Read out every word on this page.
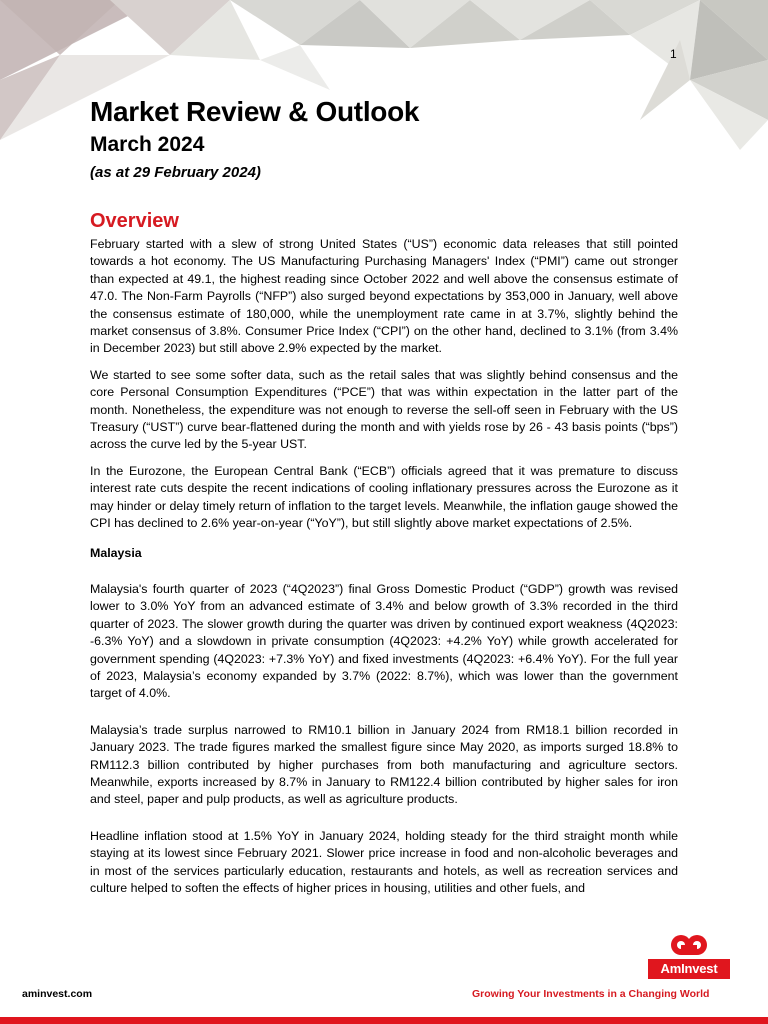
1
Market Review & Outlook
March 2024
(as at 29 February 2024)
Overview

February started with a slew of strong United States (“US”) economic data releases that still pointed towards a hot economy. The US Manufacturing Purchasing Managers' Index (“PMI”) came out stronger than expected at 49.1, the highest reading since October 2022 and well above the consensus estimate of 47.0. The Non-Farm Payrolls (“NFP”) also surged beyond expectations by 353,000 in January, well above the consensus estimate of 180,000, while the unemployment rate came in at 3.7%, slightly behind the market consensus of 3.8%. Consumer Price Index (“CPI”) on the other hand, declined to 3.1% (from 3.4% in December 2023) but still above 2.9% expected by the market.

We started to see some softer data, such as the retail sales that was slightly behind consensus and the core Personal Consumption Expenditures (“PCE”) that was within expectation in the latter part of the month. Nonetheless, the expenditure was not enough to reverse the sell-off seen in February with the US Treasury (“UST”) curve bear-flattened during the month and with yields rose by 26 - 43 basis points (“bps”) across the curve led by the 5-year UST.

In the Eurozone, the European Central Bank (“ECB”) officials agreed that it was premature to discuss interest rate cuts despite the recent indications of cooling inflationary pressures across the Eurozone as it may hinder or delay timely return of inflation to the target levels. Meanwhile, the inflation gauge showed the CPI has declined to 2.6% year-on-year (“YoY”), but still slightly above market expectations of 2.5%.

Malaysia

Malaysia's fourth quarter of 2023 (“4Q2023”) final Gross Domestic Product (“GDP”) growth was revised lower to 3.0% YoY from an advanced estimate of 3.4% and below growth of 3.3% recorded in the third quarter of 2023. The slower growth during the quarter was driven by continued export weakness (4Q2023: -6.3% YoY) and a slowdown in private consumption (4Q2023: +4.2% YoY) while growth accelerated for government spending (4Q2023: +7.3% YoY) and fixed investments (4Q2023: +6.4% YoY). For the full year of 2023, Malaysia’s economy expanded by 3.7% (2022: 8.7%), which was lower than the government target of 4.0%.

Malaysia’s trade surplus narrowed to RM10.1 billion in January 2024 from RM18.1 billion recorded in January 2023. The trade figures marked the smallest figure since May 2020, as imports surged 18.8% to RM112.3 billion contributed by higher purchases from both manufacturing and agriculture sectors. Meanwhile, exports increased by 8.7% in January to RM122.4 billion contributed by higher sales for iron and steel, paper and pulp products, as well as agriculture products.

Headline inflation stood at 1.5% YoY in January 2024, holding steady for the third straight month while staying at its lowest since February 2021. Slower price increase in food and non-alcoholic beverages and in most of the services particularly education, restaurants and hotels, as well as recreation services and culture helped to soften the effects of higher prices in housing, utilities and other fuels, and

aminvest.com
AmInvest
Growing Your Investments in a Changing World
